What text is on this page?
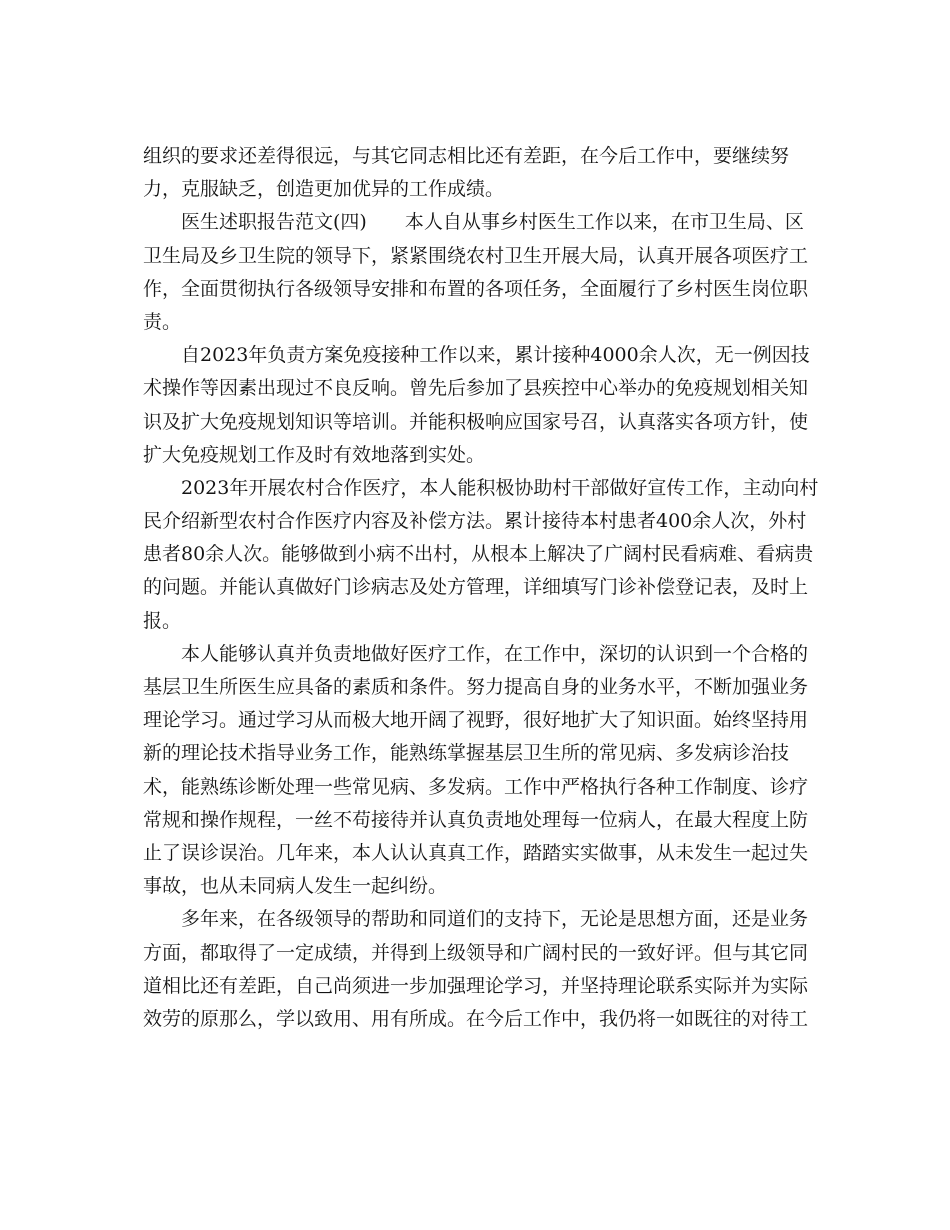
组织的要求还差得很远，与其它同志相比还有差距，在今后工作中，要继续努
力，克服缺乏，创造更加优异的工作成绩。
医生述职报告范文(四)　　本人自从事乡村医生工作以来，在市卫生局、区
卫生局及乡卫生院的领导下，紧紧围绕农村卫生开展大局，认真开展各项医疗工
作，全面贯彻执行各级领导安排和布置的各项任务，全面履行了乡村医生岗位职
责。
自2023年负责方案免疫接种工作以来，累计接种4000余人次，无一例因技
术操作等因素出现过不良反响。曾先后参加了县疾控中心举办的免疫规划相关知
识及扩大免疫规划知识等培训。并能积极响应国家号召，认真落实各项方针，使
扩大免疫规划工作及时有效地落到实处。
2023年开展农村合作医疗，本人能积极协助村干部做好宣传工作，主动向村
民介绍新型农村合作医疗内容及补偿方法。累计接待本村患者400余人次，外村
患者80余人次。能够做到小病不出村，从根本上解决了广阔村民看病难、看病贵
的问题。并能认真做好门诊病志及处方管理，详细填写门诊补偿登记表，及时上
报。
本人能够认真并负责地做好医疗工作，在工作中，深切的认识到一个合格的
基层卫生所医生应具备的素质和条件。努力提高自身的业务水平，不断加强业务
理论学习。通过学习从而极大地开阔了视野，很好地扩大了知识面。始终坚持用
新的理论技术指导业务工作，能熟练掌握基层卫生所的常见病、多发病诊治技
术，能熟练诊断处理一些常见病、多发病。工作中严格执行各种工作制度、诊疗
常规和操作规程，一丝不苟接待并认真负责地处理每一位病人，在最大程度上防
止了误诊误治。几年来，本人认认真真工作，踏踏实实做事，从未发生一起过失
事故，也从未同病人发生一起纠纷。
多年来，在各级领导的帮助和同道们的支持下，无论是思想方面，还是业务
方面，都取得了一定成绩，并得到上级领导和广阔村民的一致好评。但与其它同
道相比还有差距，自己尚须进一步加强理论学习，并坚持理论联系实际并为实际
效劳的原那么，学以致用、用有所成。在今后工作中，我仍将一如既往的对待工
